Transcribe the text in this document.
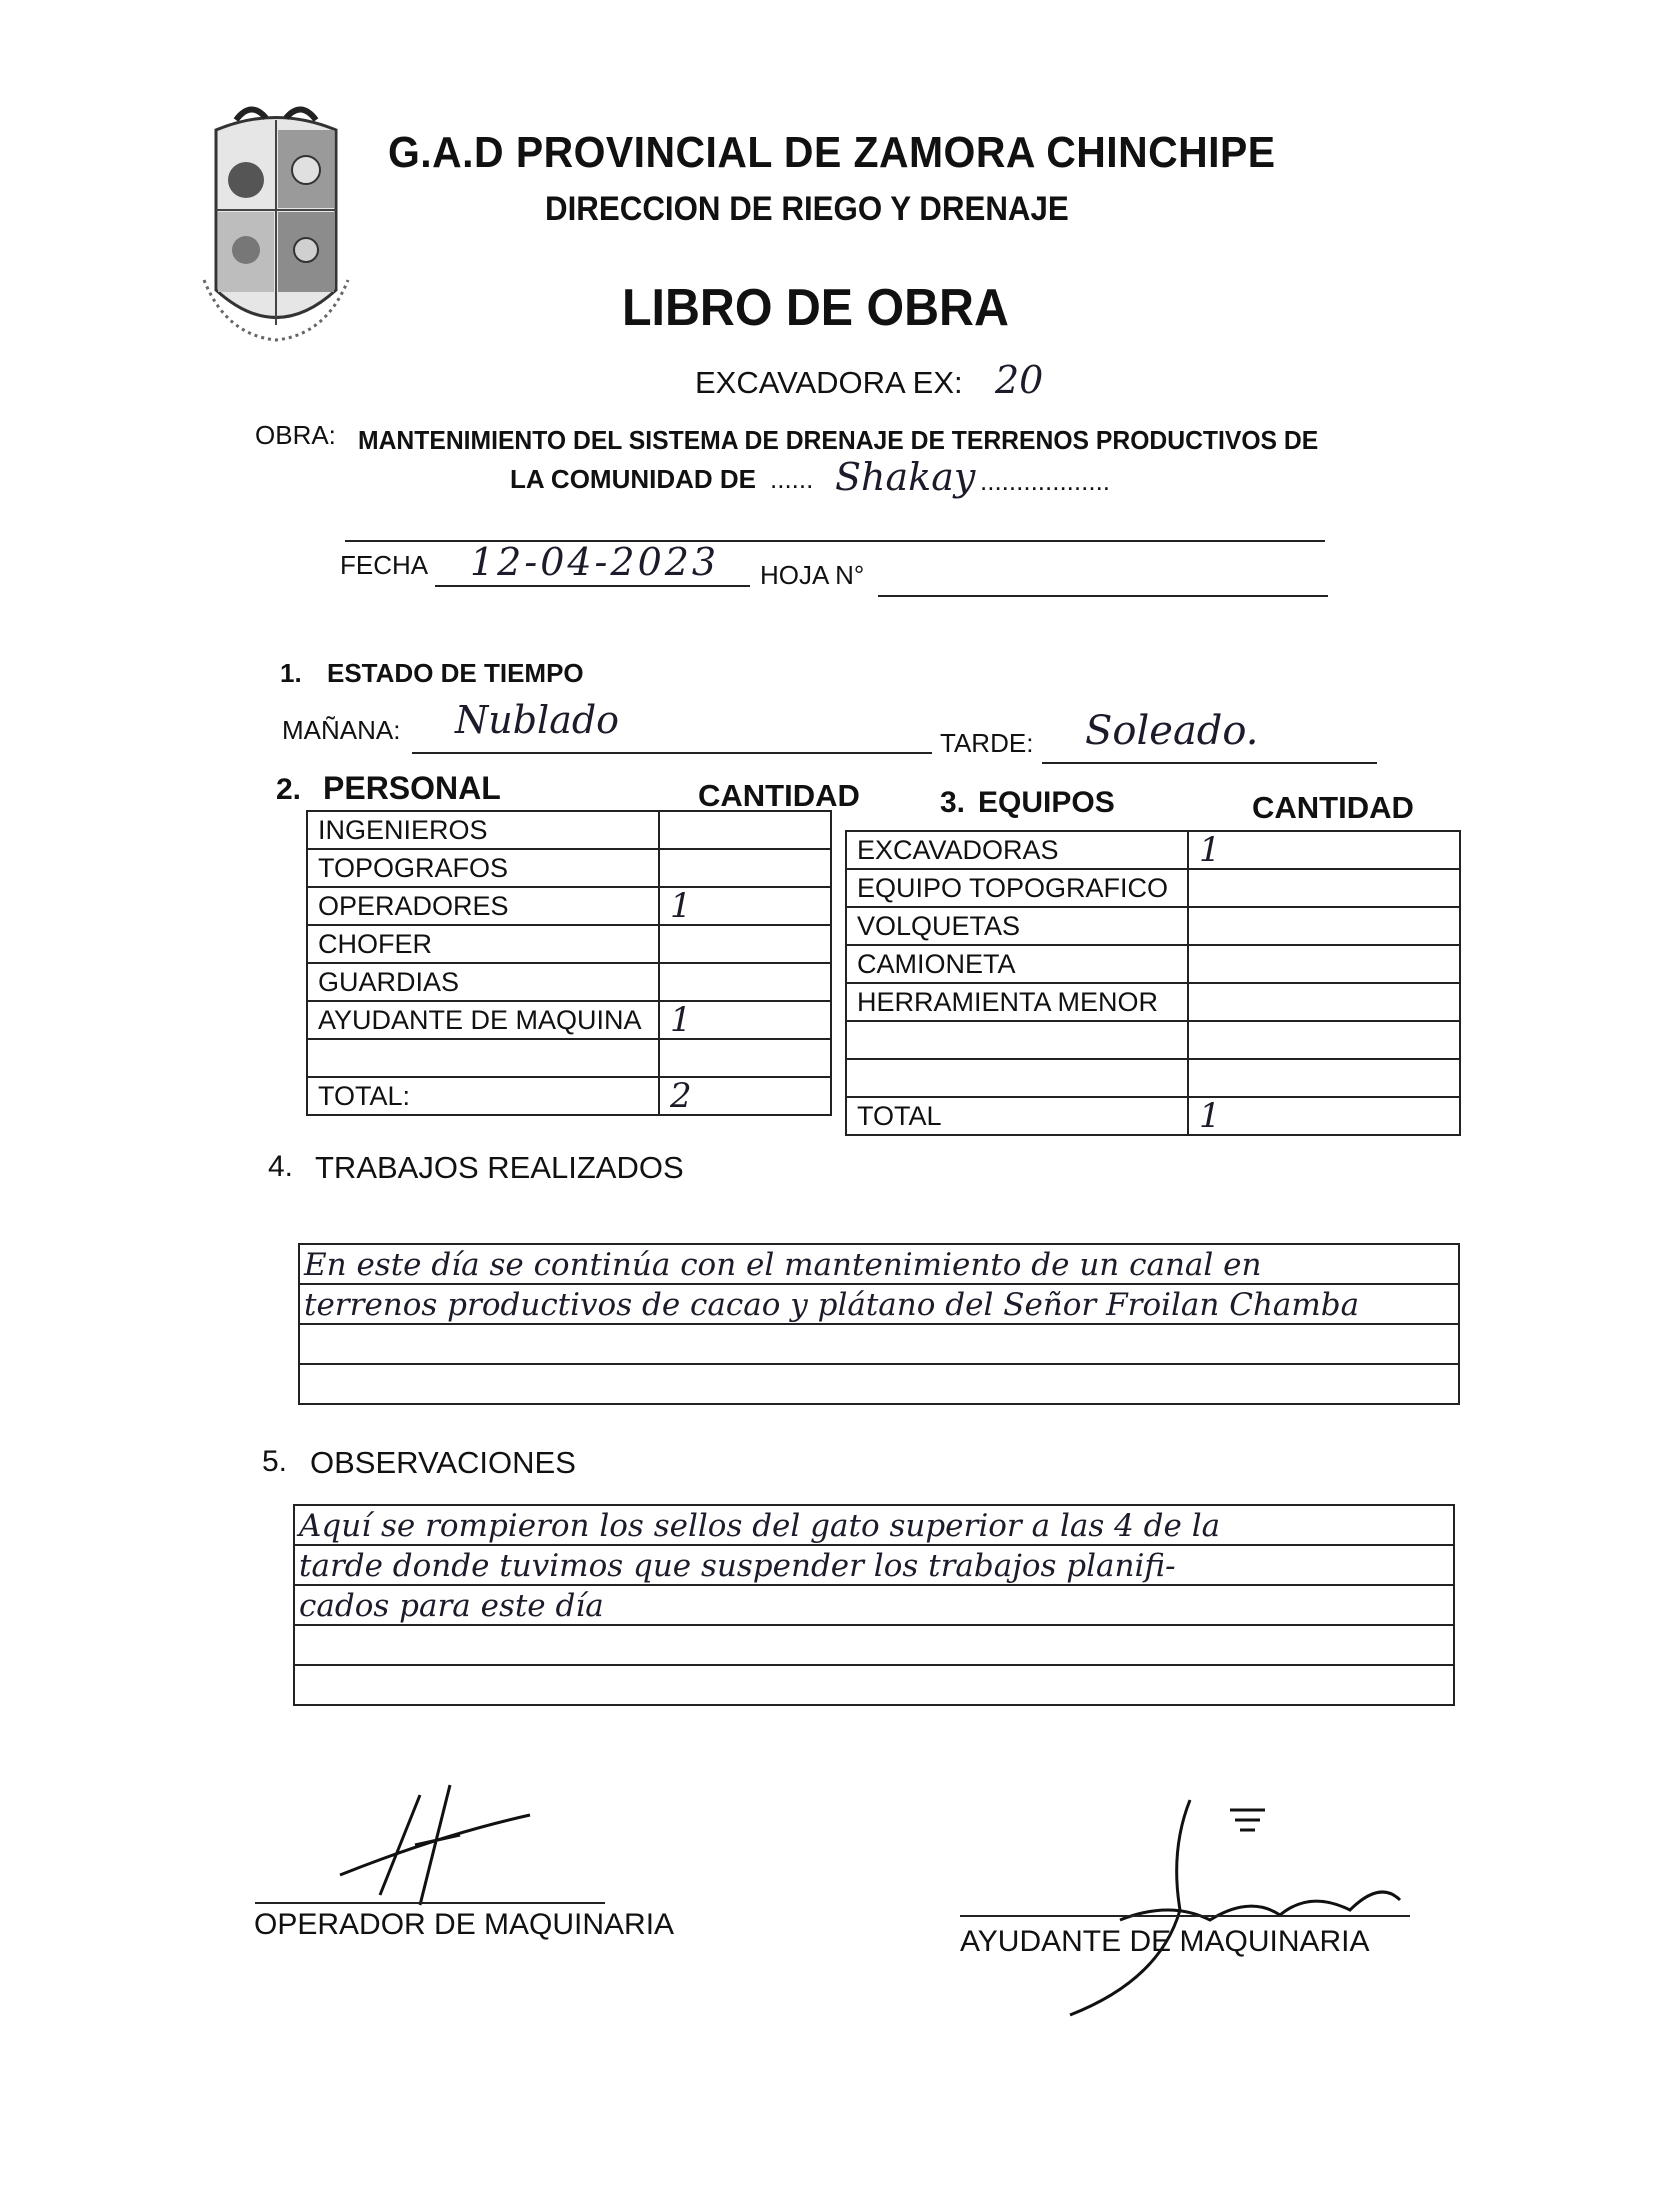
G.A.D PROVINCIAL DE ZAMORA CHINCHIPE
DIRECCION DE RIEGO Y DRENAJE
LIBRO DE OBRA
EXCAVADORA EX: 20
OBRA: MANTENIMIENTO DEL SISTEMA DE DRENAJE DE TERRENOS PRODUCTIVOS DE
LA COMUNIDAD DE ...... Shakay ..................
FECHA 12-04-2023 HOJA N°
1. ESTADO DE TIEMPO
MAÑANA: Nublado
TARDE: Soleado.
2. PERSONAL	CANTIDAD	3. EQUIPOS	CANTIDAD
INGENIEROS	
TOPOGRAFOS	
OPERADORES	1
CHOFER	
GUARDIAS	
AYUDANTE DE MAQUINA	1

TOTAL:	2
EXCAVADORAS	1
EQUIPO TOPOGRAFICO	
VOLQUETAS	
CAMIONETA	
HERRAMIENTA MENOR	

TOTAL	1
4. TRABAJOS REALIZADOS
En este día se continúa con el mantenimiento de un canal en
terrenos productivos de cacao y plátano del Señor Froilan Chamba
5. OBSERVACIONES
Aquí se rompieron los sellos del gato superior a las 4 de la
tarde donde tuvimos que suspender los trabajos planifi-
cados para este día
OPERADOR DE MAQUINARIA
AYUDANTE DE MAQUINARIA
